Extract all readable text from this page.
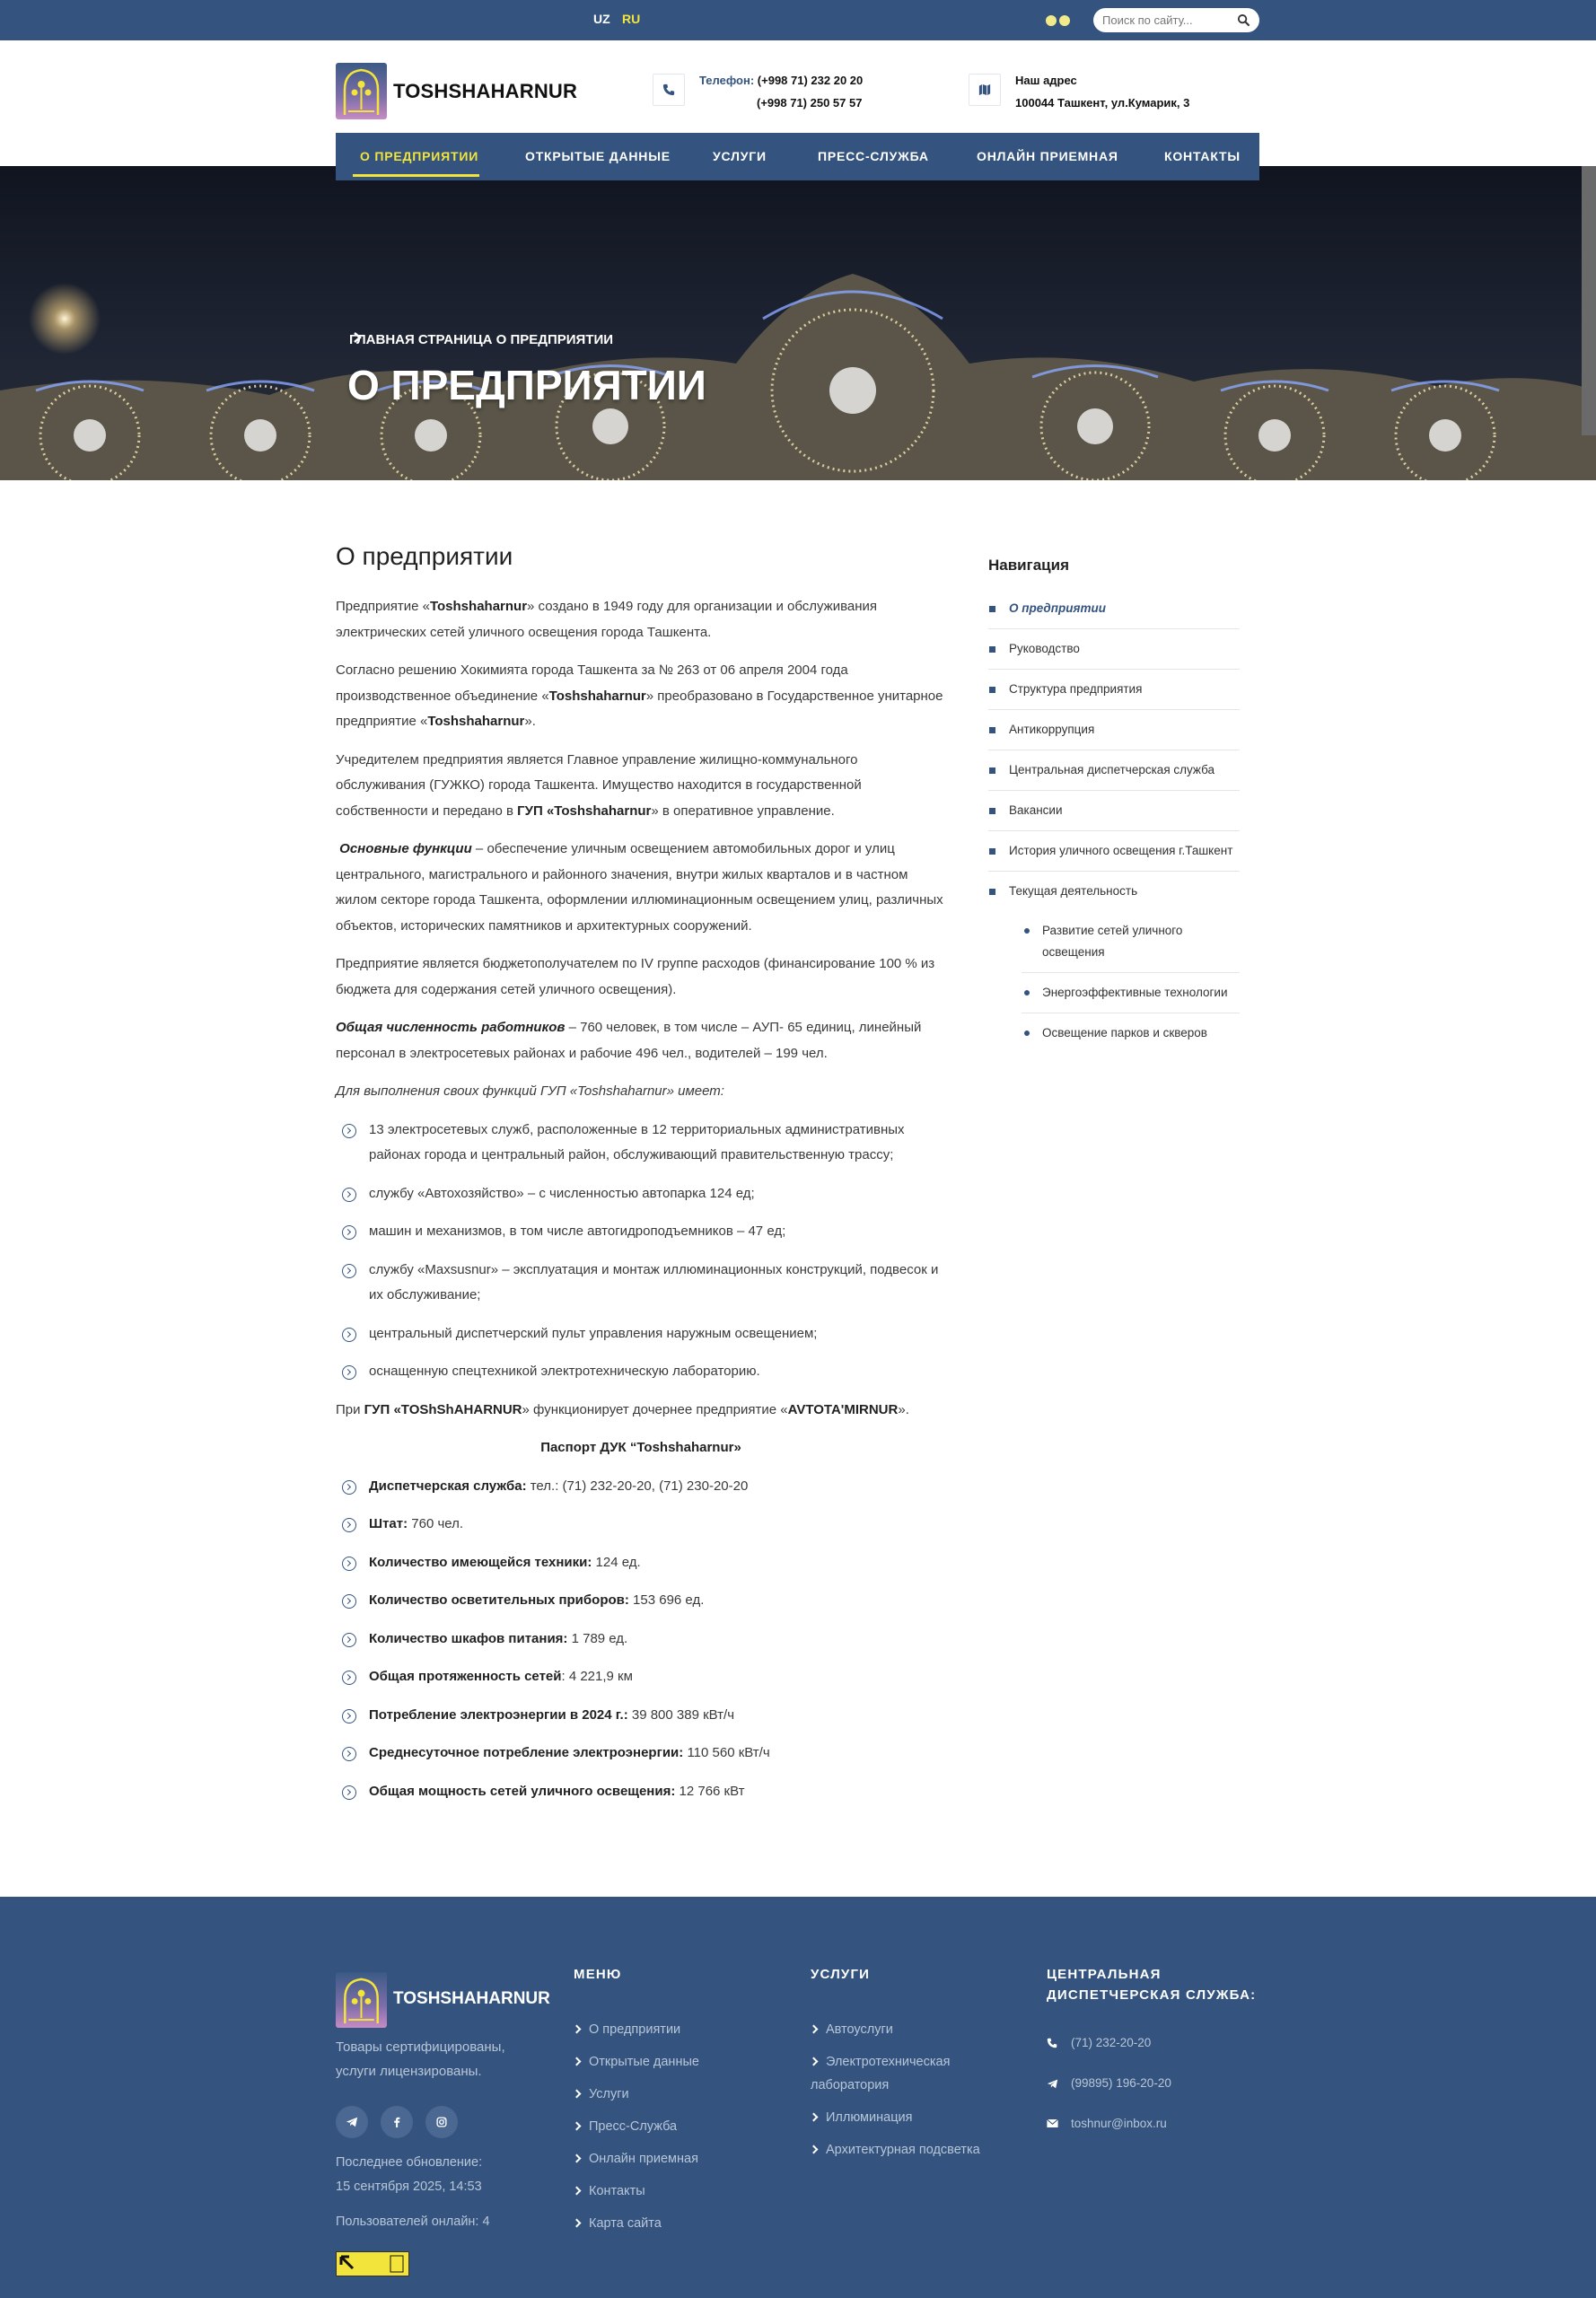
UZ RU
Поиск по сайту...
TOSHSHAHARNUR	Телефон: (+998 71) 232 20 20
(+998 71) 250 57 57
Наш адрес
100044 Ташкент, ул.Кумарик, 3
ГЛАВНАЯ СТРАНИЦА О ПРЕДПРИЯТИИ
О ПРЕДПРИЯТИИ
О ПРЕДПРИЯТИИ	ОТКРЫТЫЕ ДАННЫЕ	УСЛУГИ	ПРЕСС-СЛУЖБА	ОНЛАЙН ПРИЕМНАЯ	КОНТАКТЫ
О предприятии

Предприятие «Toshshaharnur» создано в 1949 году для организации и обслуживания электрических сетей уличного освещения города Ташкента.

Согласно решению Хокимията города Ташкента за № 263 от 06 апреля 2004 года производственное объединение «Toshshaharnur» преобразовано в Государственное унитарное предприятие «Toshshaharnur».

Учредителем предприятия является Главное управление жилищно-коммунального обслуживания (ГУЖКО) города Ташкента. Имущество находится в государственной собственности и передано в ГУП «Toshshaharnur» в оперативное управление.

Основные функции – обеспечение уличным освещением автомобильных дорог и улиц центрального, магистрального и районного значения, внутри жилых кварталов и в частном жилом секторе города Ташкента, оформлении иллюминационным освещением улиц, различных объектов, исторических памятников и архитектурных сооружений.

Предприятие является бюджетополучателем по IV группе расходов (финансирование 100 % из бюджета для содержания сетей уличного освещения).

Общая численность работников – 760 человек, в том числе – АУП- 65 единиц, линейный персонал в электросетевых районах и рабочие 496 чел., водителей – 199 чел.

Для выполнения своих функций ГУП «Toshshaharnur» имеет:

13 электросетевых служб, расположенные в 12 территориальных административных районах города и центральный район, обслуживающий правительственную трассу;
службу «Автохозяйство» – с численностью автопарка 124 ед;
машин и механизмов, в том числе автогидроподъемников – 47 ед;
службу «Maxsusnur» – эксплуатация и монтаж иллюминационных конструкций, подвесок и их обслуживание;
центральный диспетчерский пульт управления наружным освещением;
оснащенную спецтехникой электротехническую лабораторию.

При ГУП «TOShShAHARNUR» функционирует дочернее предприятие «AVTOTA'MIRNUR».

Паспорт ДУК “Toshshaharnur»

Диспетчерская служба: тел.: (71) 232-20-20, (71) 230-20-20
Штат: 760 чел.
Количество имеющейся техники: 124 ед.
Количество осветительных приборов: 153 696 ед.
Количество шкафов питания: 1 789 ед.
Общая протяженность сетей: 4 221,9 км
Потребление электроэнергии в 2024 г.: 39 800 389 кВт/ч
Среднесуточное потребление электроэнергии: 110 560 кВт/ч
Общая мощность сетей уличного освещения: 12 766 кВт
Навигация
О предприятии
Руководство
Структура предприятия
Антикоррупция
Центральная диспетчерская служба
Вакансии
История уличного освещения г.Ташкент
Текущая деятельность
Развитие сетей уличного освещения
Энергоэффективные технологии
Освещение парков и скверов
TOSHSHAHARNUR
Товары сертифицированы, услуги лицензированы.
Последнее обновление:
15 сентября 2025, 14:53
Пользователей онлайн: 4
МЕНЮ
О предприятии
Открытые данные
Услуги
Пресс-Служба
Онлайн приемная
Контакты
Карта сайта
УСЛУГИ
Автоуслуги
Электротехническая лаборатория
Иллюминация
Архитектурная подсветка
ЦЕНТРАЛЬНАЯ ДИСПЕТЧЕРСКАЯ СЛУЖБА:
(71) 232-20-20
(99895) 196-20-20
toshnur@inbox.ru
